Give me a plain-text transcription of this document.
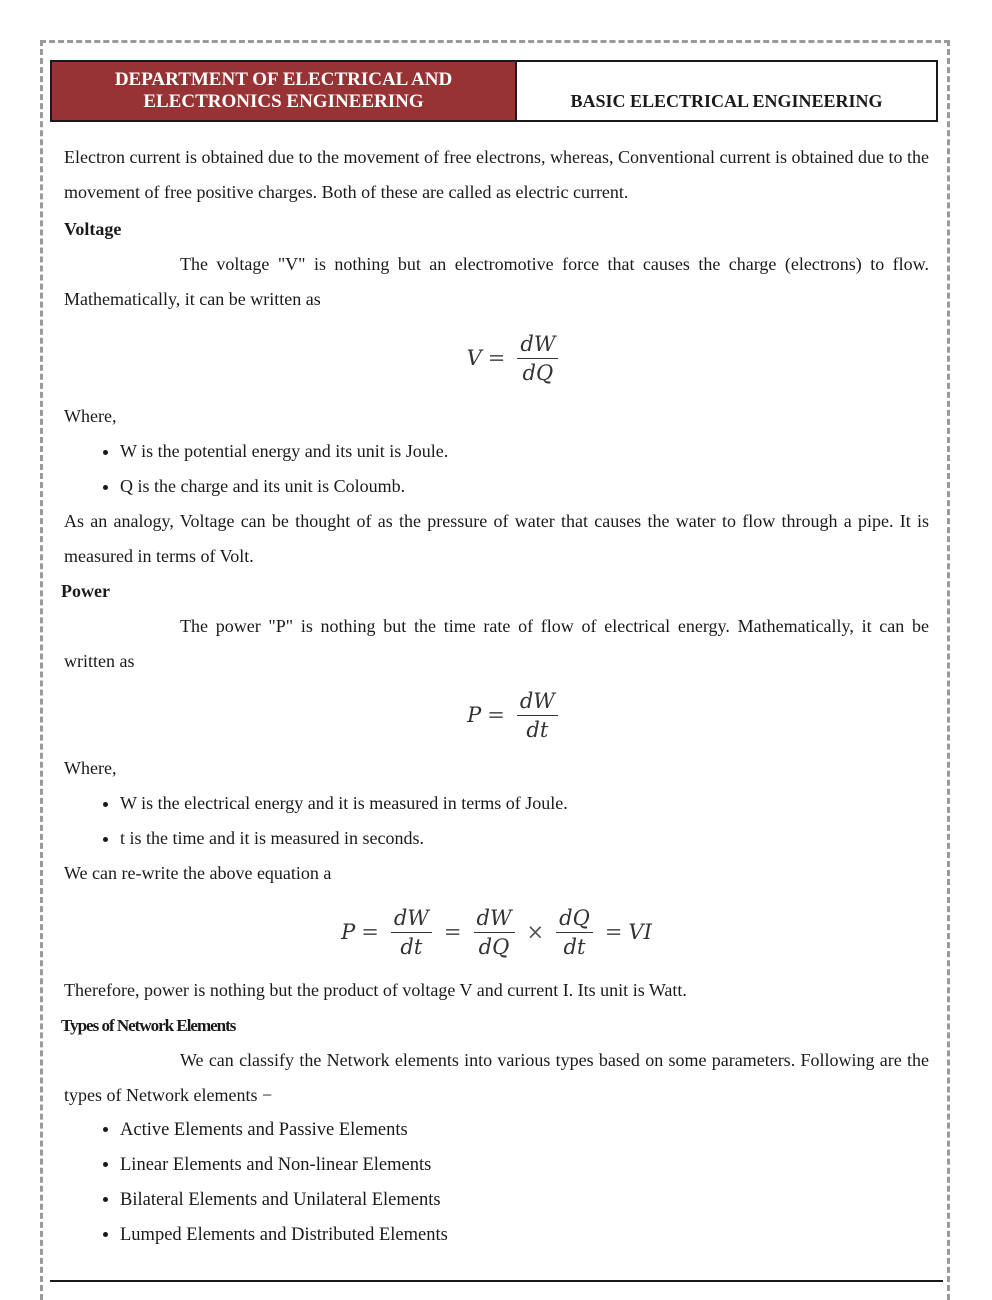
DEPARTMENT OF ELECTRICAL AND
ELECTRONICS ENGINEERING	BASIC ELECTRICAL ENGINEERING

Electron current is obtained due to the movement of free electrons, whereas, Conventional current is obtained due to the movement of free positive charges. Both of these are called as electric current.

Voltage

The voltage "V" is nothing but an electromotive force that causes the charge (electrons) to flow. Mathematically, it can be written as

$V = \frac{dW}{dQ}$

Where,

• W is the potential energy and its unit is Joule.
• Q is the charge and its unit is Coloumb.

As an analogy, Voltage can be thought of as the pressure of water that causes the water to flow through a pipe. It is measured in terms of Volt.

Power

The power "P" is nothing but the time rate of flow of electrical energy. Mathematically, it can be written as

$P = \frac{dW}{dt}$

Where,

• W is the electrical energy and it is measured in terms of Joule.
• t is the time and it is measured in seconds.

We can re-write the above equation a

$P = \frac{dW}{dt} = \frac{dW}{dQ} \times \frac{dQ}{dt}$ = VI

Therefore, power is nothing but the product of voltage V and current I. Its unit is Watt.

Types of Network Elements

We can classify the Network elements into various types based on some parameters. Following are the types of Network elements −

• Active Elements and Passive Elements
• Linear Elements and Non-linear Elements
• Bilateral Elements and Unilateral Elements
• Lumped Elements and Distributed Elements
